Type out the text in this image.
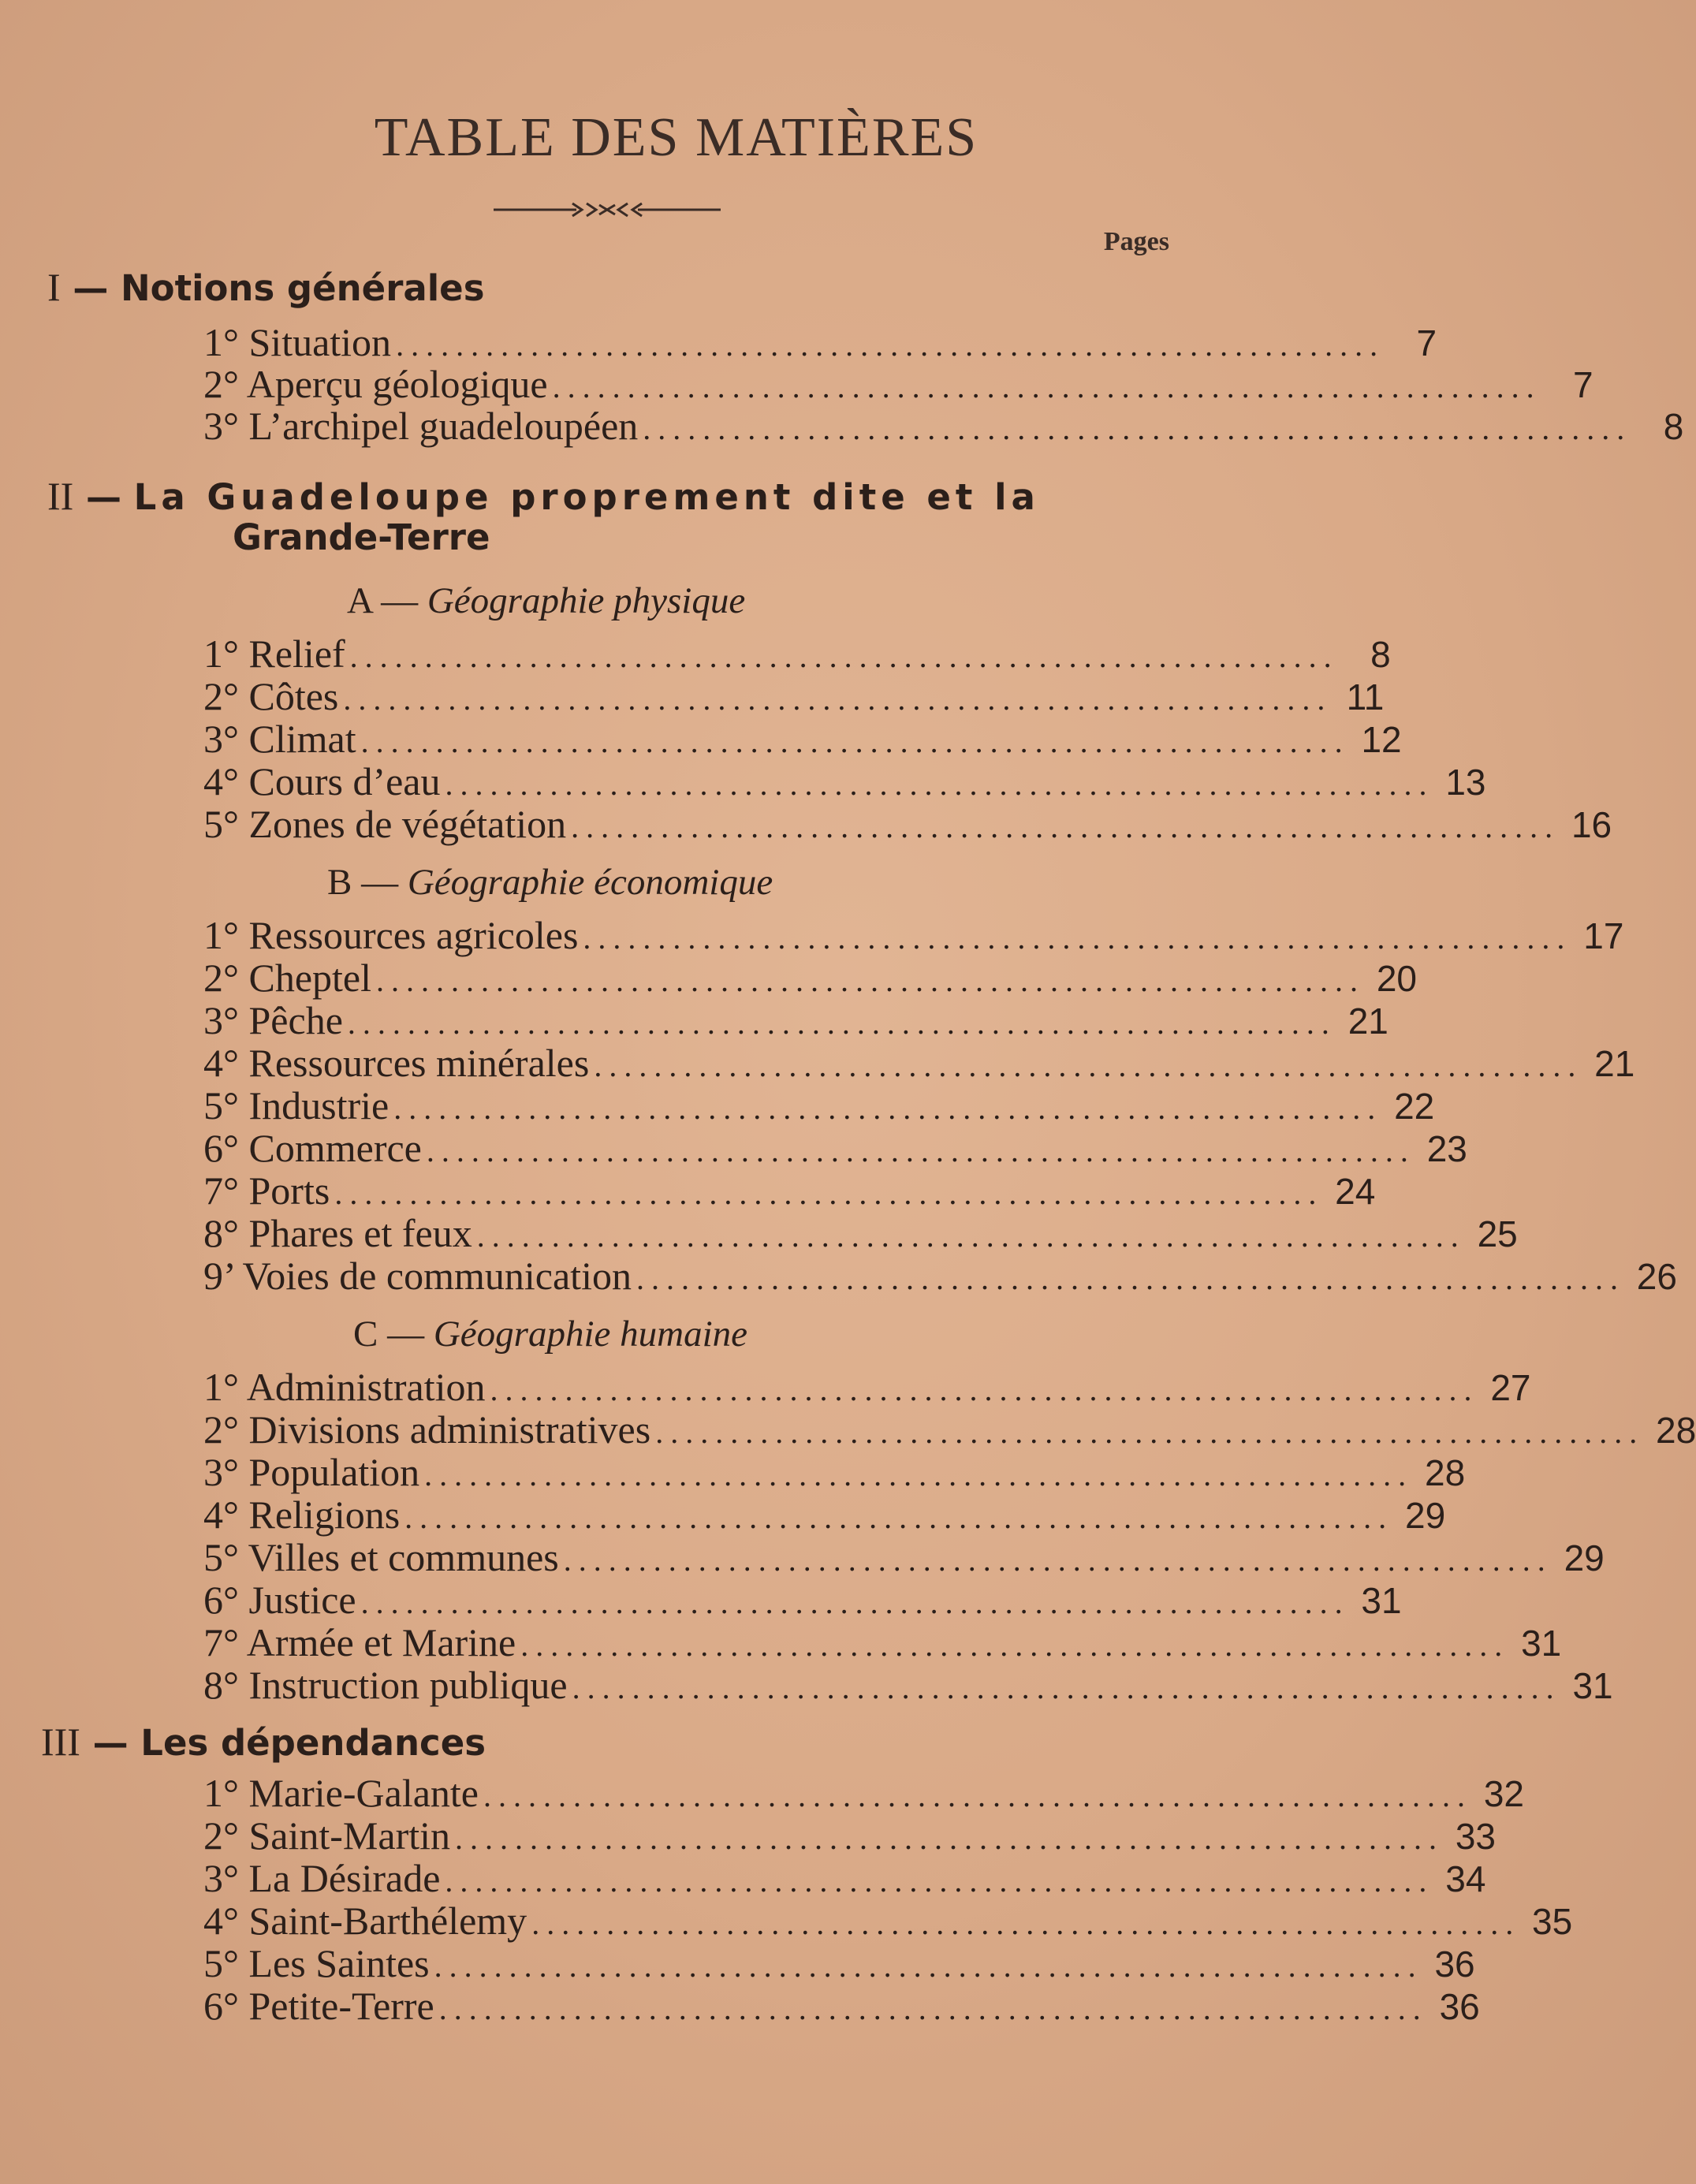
TABLE DES MATIÈRES
Pages
I — Notions générales
1° Situation .................................................................. 7
2° Aperçu géologique .................................................................. 7
3° L’archipel guadeloupéen .................................................................. 8
II — La Guadeloupe proprement dite et la
Grande-Terre
A — Géographie physique
1° Relief .................................................................. 8
2° Côtes .................................................................. 11
3° Climat .................................................................. 12
4° Cours d’eau .................................................................. 13
5° Zones de végétation .................................................................. 16
B — Géographie économique
1° Ressources agricoles .................................................................. 17
2° Cheptel .................................................................. 20
3° Pêche .................................................................. 21
4° Ressources minérales .................................................................. 21
5° Industrie .................................................................. 22
6° Commerce .................................................................. 23
7° Ports .................................................................. 24
8° Phares et feux .................................................................. 25
9’ Voies de communication .................................................................. 26
C — Géographie humaine
1° Administration .................................................................. 27
2° Divisions administratives .................................................................. 28
3° Population .................................................................. 28
4° Religions .................................................................. 29
5° Villes et communes .................................................................. 29
6° Justice .................................................................. 31
7° Armée et Marine .................................................................. 31
8° Instruction publique .................................................................. 31
III — Les dépendances
1° Marie-Galante .................................................................. 32
2° Saint-Martin .................................................................. 33
3° La Désirade .................................................................. 34
4° Saint-Barthélemy .................................................................. 35
5° Les Saintes .................................................................. 36
6° Petite-Terre .................................................................. 36
